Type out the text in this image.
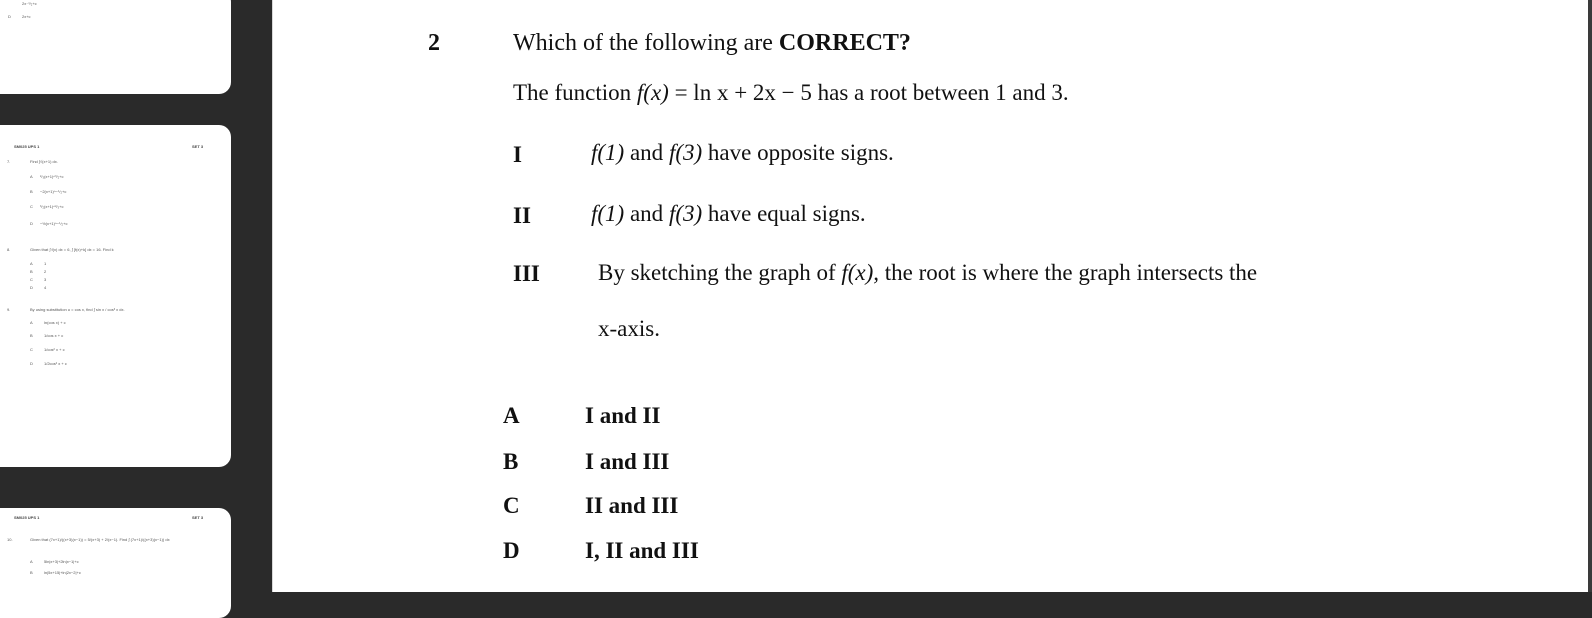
2x⁻¹/₂+c
D	2x+c
SM025 UPS 1	SET 3
7.	Find ∫√(x+1) dx.
A ²/₃(x+1)^³/₂+c
B −2(x+1)^−¹/₂+c
C ³/₂(x+1)^²/₃+c
D −½(x+1)^−¹/₂+c
8.	Given that ∫ f(x) dx = 6, ∫ [f(x)+k] dx = 16. Find k
A	1
B	2
C	3
D	4
9.	By using substitution u = cos x, find ∫ sin x / cos³ x dx.
A	ln(cos x) + c
B	1/cos x + c
C	1/cos² x + c
D	1/2cos² x + c
SM025 UPS 1	SET 3
10.	Given that (7x+1)/((x+3)(x−1)) = 5/(x+3) + 2/(x−1). Find ∫ (7x+1)/((x+3)(x−1)) dx
A	5ln|x+3|+2ln|x−1|+c
B	ln|5x+15|+ln|2x−2|+c
2	Which of the following are CORRECT?
The function f(x) = ln x + 2x − 5 has a root between 1 and 3.
I	f(1) and f(3) have opposite signs.
II	f(1) and f(3) have equal signs.
III	By sketching the graph of f(x), the root is where the graph intersects the
x-axis.
A	I and II
B	I and III
C	II and III
D	I, II and III
